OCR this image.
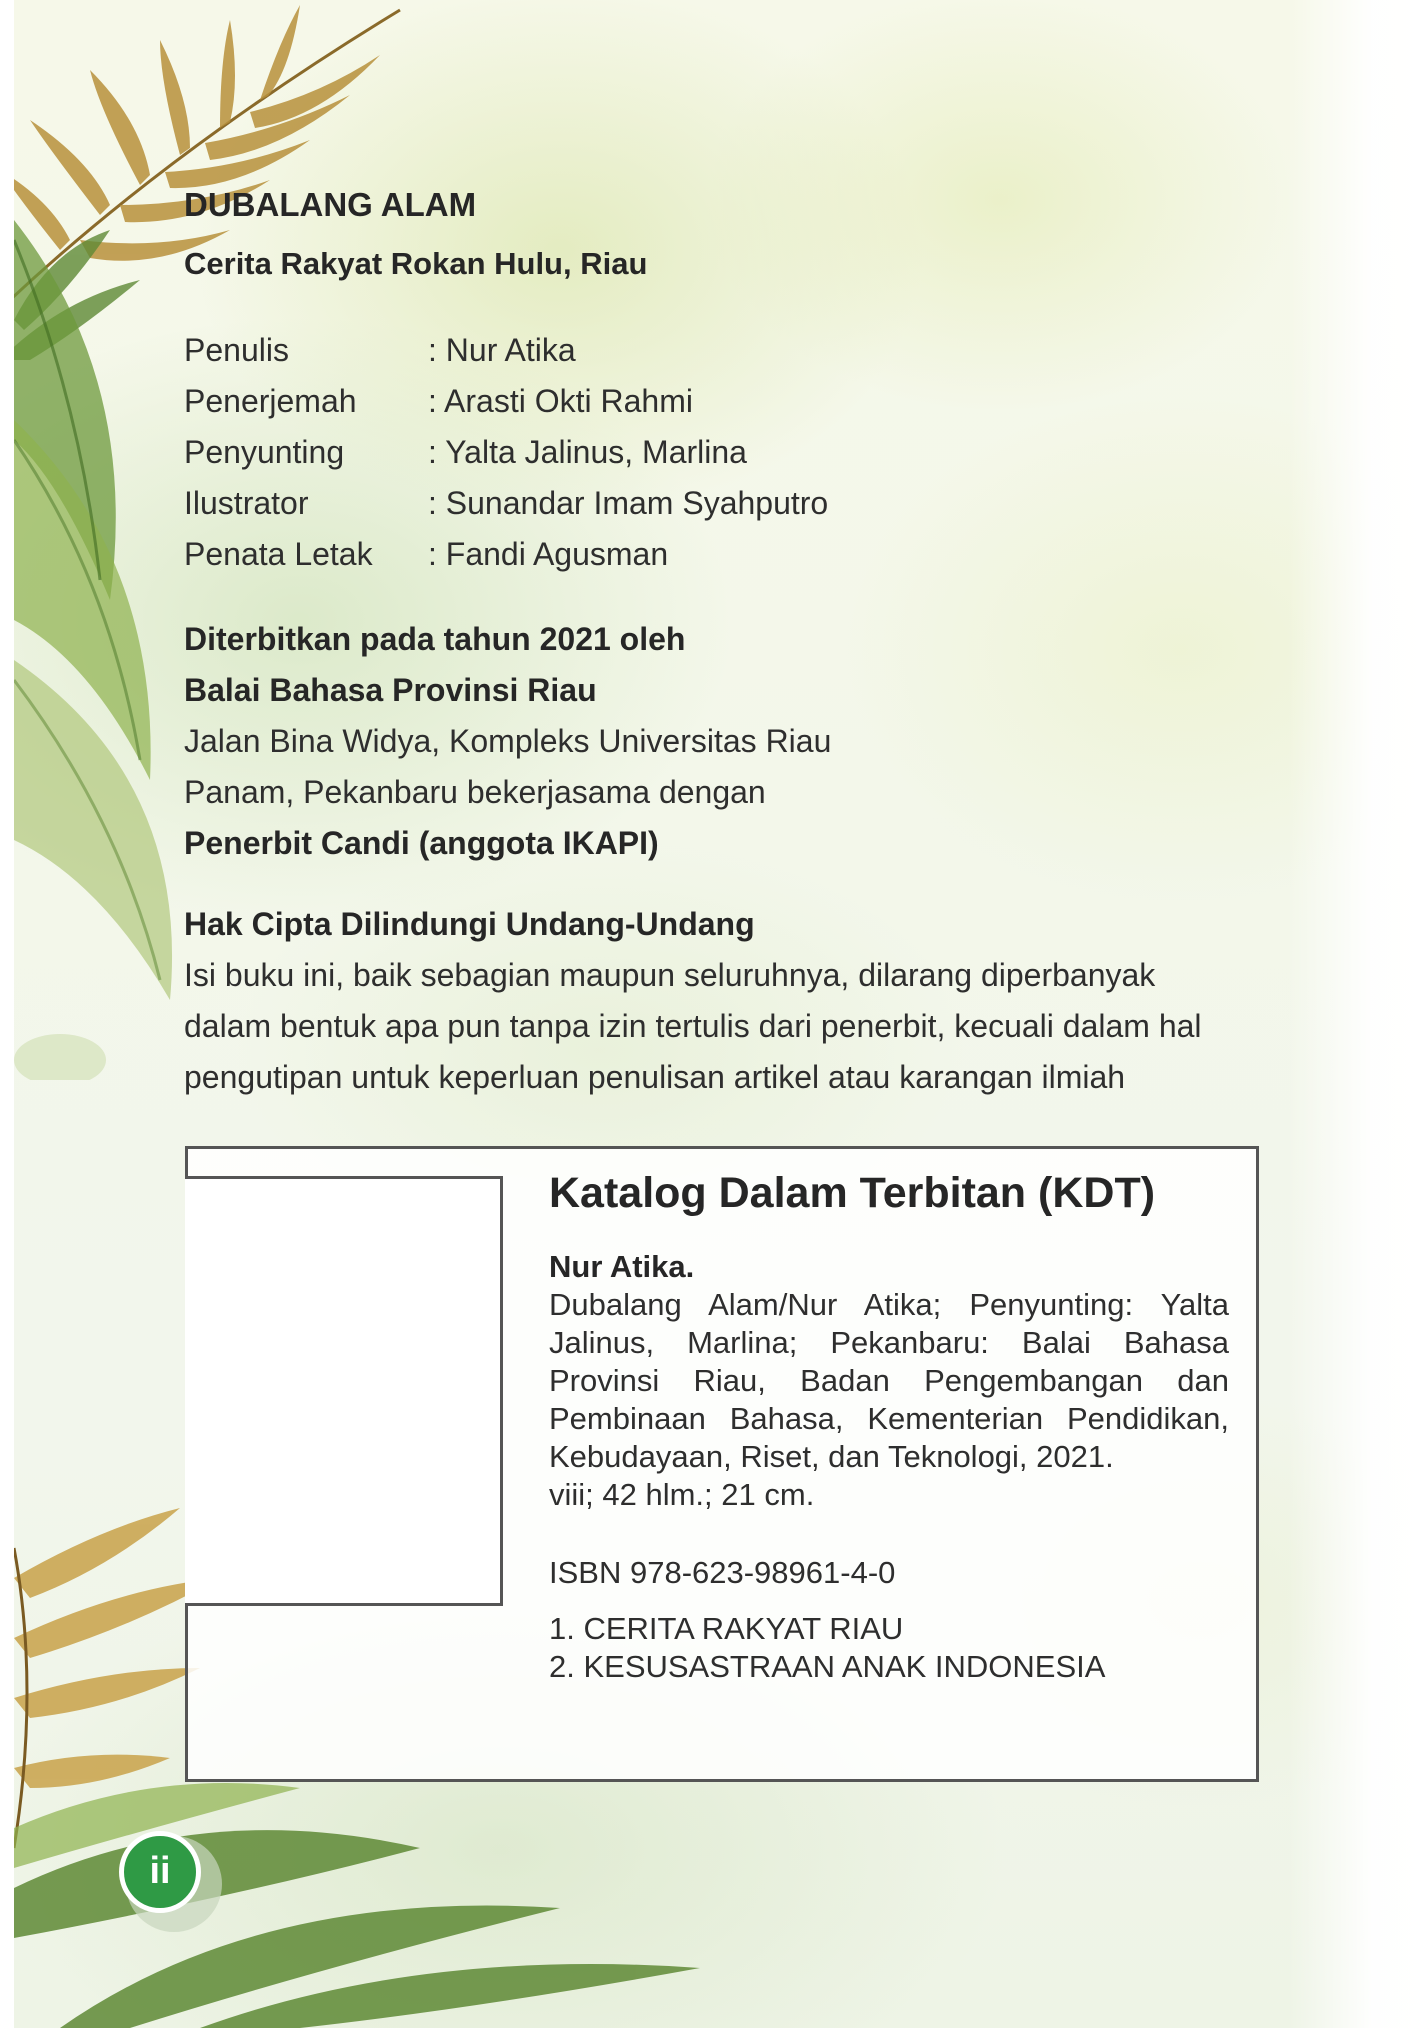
DUBALANG ALAM
Cerita Rakyat Rokan Hulu, Riau
Penulis	: Nur Atika
Penerjemah	: Arasti Okti Rahmi
Penyunting	: Yalta Jalinus, Marlina
Ilustrator	: Sunandar Imam Syahputro
Penata Letak	: Fandi Agusman
Diterbitkan pada tahun 2021 oleh
Balai Bahasa Provinsi Riau
Jalan Bina Widya, Kompleks Universitas Riau
Panam, Pekanbaru bekerjasama dengan
Penerbit Candi (anggota IKAPI)
Hak Cipta Dilindungi Undang-Undang
Isi buku ini, baik sebagian maupun seluruhnya, dilarang diperbanyak
dalam bentuk apa pun tanpa izin tertulis dari penerbit, kecuali dalam hal
pengutipan untuk keperluan penulisan artikel atau karangan ilmiah
Katalog Dalam Terbitan (KDT)
Nur Atika.
Dubalang Alam/Nur Atika; Penyunting: Yalta Jalinus, Marlina; Pekanbaru: Balai Bahasa Provinsi Riau, Badan Pengembangan dan Pembinaan Bahasa, Kementerian Pendidikan, Kebudayaan, Riset, dan Teknologi, 2021.
viii; 42 hlm.; 21 cm.
ISBN 978-623-98961-4-0
1. CERITA RAKYAT RIAU
2. KESUSASTRAAN ANAK INDONESIA
ii
